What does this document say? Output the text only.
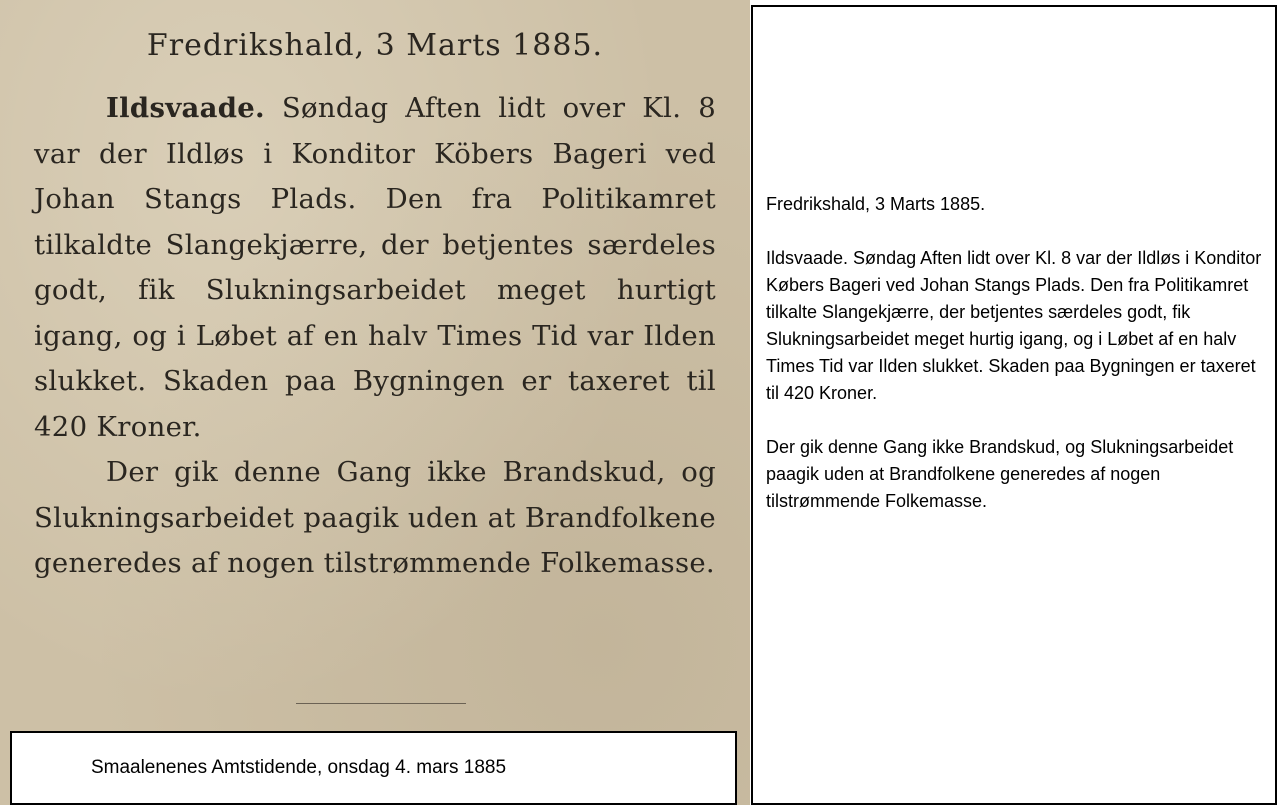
Fredrikshald, 3 Marts 1885.

Ildsvaade. Søndag Aften lidt over Kl. 8 var der Ildløs i Konditor Köbers Bageri ved Johan Stangs Plads. Den fra Politikamret tilkaldte Slangekjærre, der betjentes særdeles godt, fik Slukningsarbeidet meget hurtigt igang, og i Løbet af en halv Times Tid var Ilden slukket. Skaden paa Bygningen er taxeret til 420 Kroner.

Der gik denne Gang ikke Brandskud, og Slukningsarbeidet paagik uden at Brandfolkene generedes af nogen tilstrømmende Folkemasse.

Smaalenenes Amtstidende, onsdag 4. mars 1885

Fredrikshald, 3 Marts 1885.

Ildsvaade. Søndag Aften lidt over Kl. 8 var der Ildløs i Konditor Købers Bageri ved Johan Stangs Plads. Den fra Politikamret tilkalte Slangekjærre, der betjentes særdeles godt, fik Slukningsarbeidet meget hurtig igang, og i Løbet af en halv Times Tid var Ilden slukket. Skaden paa Bygningen er taxeret til 420 Kroner.

Der gik denne Gang ikke Brandskud, og Slukningsarbeidet paagik uden at Brandfolkene generedes af nogen tilstrømmende Folkemasse.
